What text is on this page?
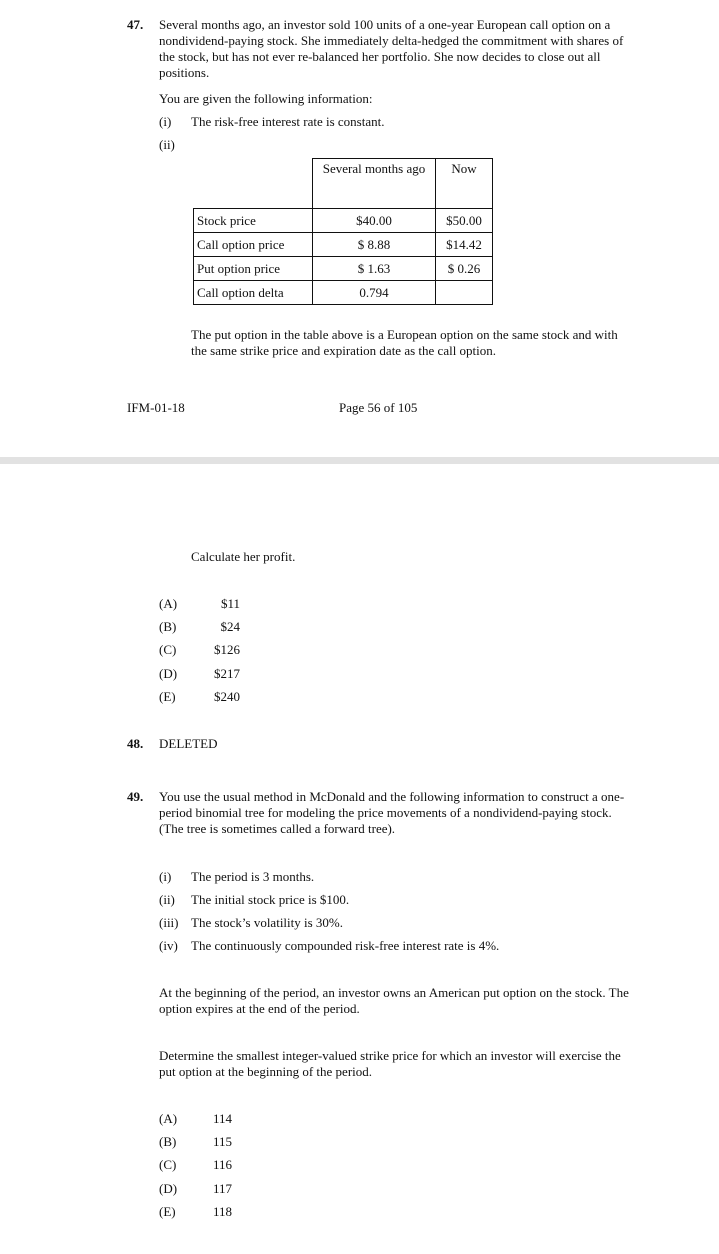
47. Several months ago, an investor sold 100 units of a one-year European call option on a nondividend-paying stock. She immediately delta-hedged the commitment with shares of the stock, but has not ever re-balanced her portfolio. She now decides to close out all positions.

You are given the following information:
(i) The risk-free interest rate is constant.
(ii)
	Several months ago	Now
Stock price	$40.00	$50.00
Call option price	$ 8.88	$14.42
Put option price	$ 1.63	$ 0.26
Call option delta	0.794	

The put option in the table above is a European option on the same stock and with the same strike price and expiration date as the call option.

IFM-01-18	Page 56 of 105
Calculate her profit.
(A)	$11
(B)	$24
(C)	$126
(D)	$217
(E)	$240
48. DELETED
49. You use the usual method in McDonald and the following information to construct a one-period binomial tree for modeling the price movements of a nondividend-paying stock. (The tree is sometimes called a forward tree).

(i) The period is 3 months.
(ii) The initial stock price is $100.
(iii) The stock’s volatility is 30%.
(iv) The continuously compounded risk-free interest rate is 4%.

At the beginning of the period, an investor owns an American put option on the stock. The option expires at the end of the period.

Determine the smallest integer-valued strike price for which an investor will exercise the put option at the beginning of the period.

(A)	114
(B)	115
(C)	116
(D)	117
(E)	118
